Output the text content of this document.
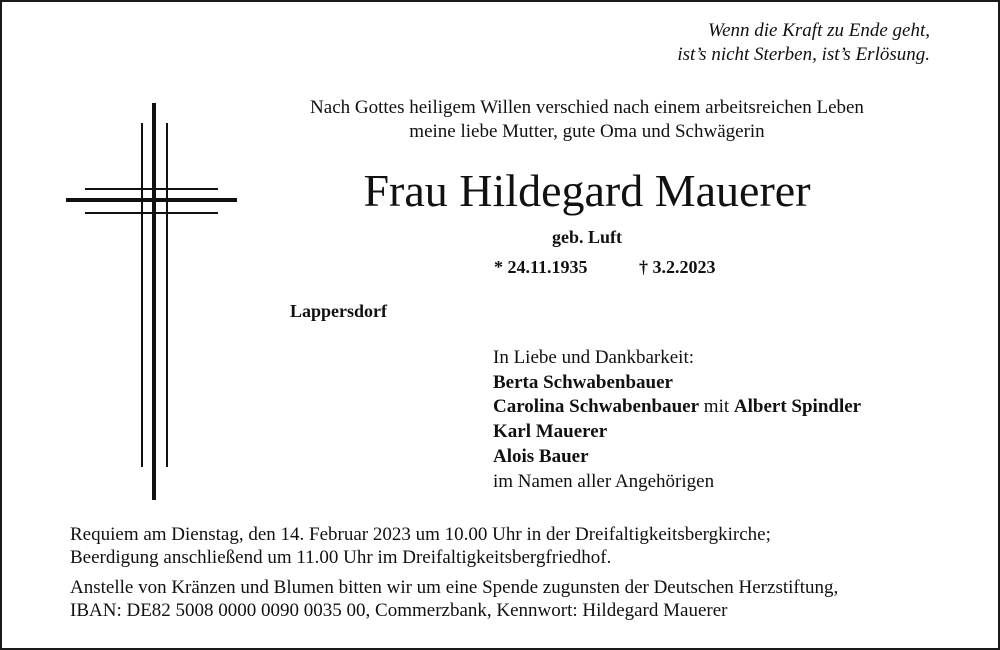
Wenn die Kraft zu Ende geht,
ist’s nicht Sterben, ist’s Erlösung.
Nach Gottes heiligem Willen verschied nach einem arbeitsreichen Leben
meine liebe Mutter, gute Oma und Schwägerin
Frau Hildegard Mauerer
geb. Luft
* 24.11.1935	† 3.2.2023
Lappersdorf
In Liebe und Dankbarkeit:
Berta Schwabenbauer
Carolina Schwabenbauer mit Albert Spindler
Karl Mauerer
Alois Bauer
im Namen aller Angehörigen
Requiem am Dienstag, den 14. Februar 2023 um 10.00 Uhr in der Dreifaltigkeitsbergkirche;
Beerdigung anschließend um 11.00 Uhr im Dreifaltigkeitsbergfriedhof.
Anstelle von Kränzen und Blumen bitten wir um eine Spende zugunsten der Deutschen Herzstiftung,
IBAN: DE82 5008 0000 0090 0035 00, Commerzbank, Kennwort: Hildegard Mauerer
